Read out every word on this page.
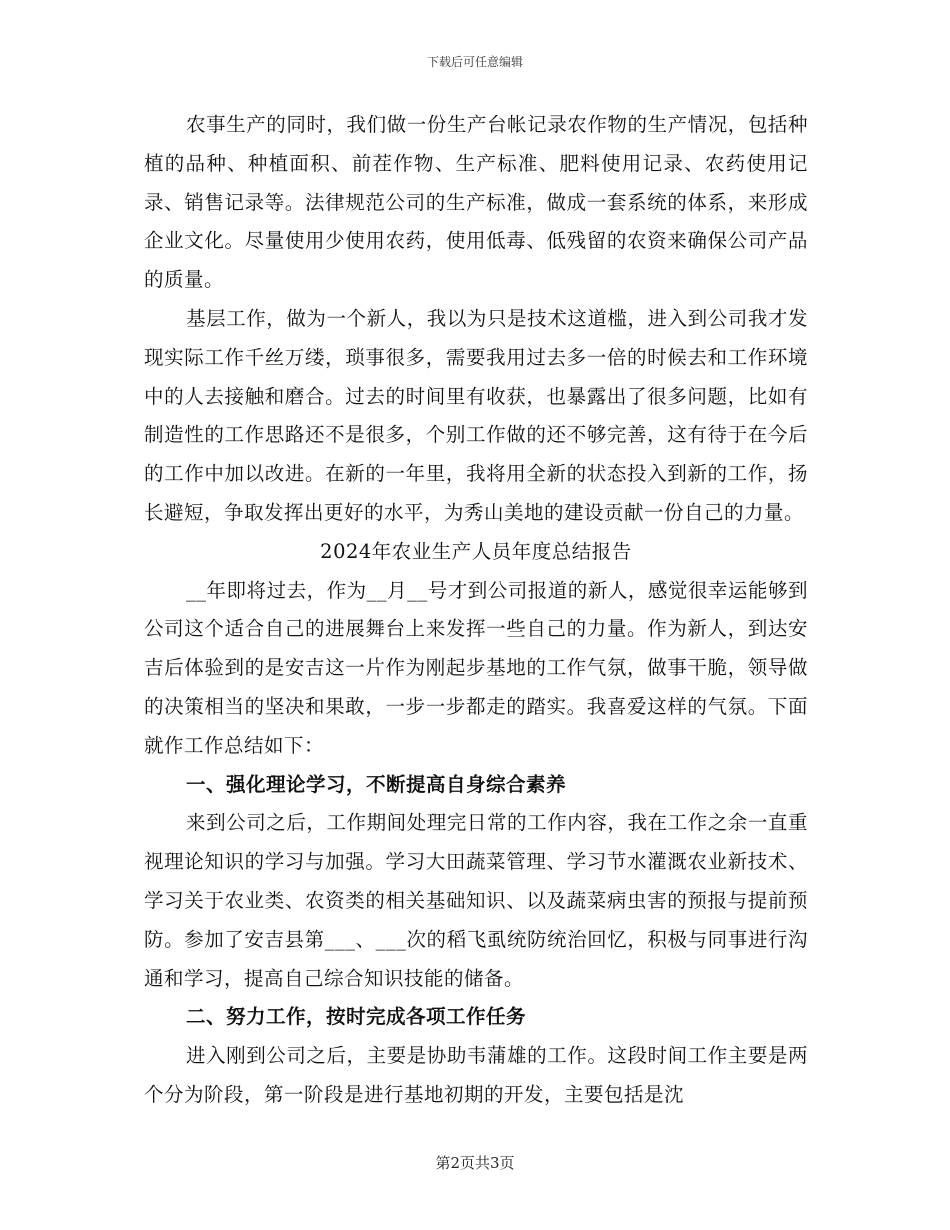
下载后可任意编辑

农事生产的同时，我们做一份生产台帐记录农作物的生产情况，包括种植的品种、种植面积、前茬作物、生产标准、肥料使用记录、农药使用记录、销售记录等。法律规范公司的生产标准，做成一套系统的体系，来形成企业文化。尽量使用少使用农药，使用低毒、低残留的农资来确保公司产品的质量。

基层工作，做为一个新人，我以为只是技术这道槛，进入到公司我才发现实际工作千丝万缕，琐事很多，需要我用过去多一倍的时候去和工作环境中的人去接触和磨合。过去的时间里有收获，也暴露出了很多问题，比如有制造性的工作思路还不是很多，个别工作做的还不够完善，这有待于在今后的工作中加以改进。在新的一年里，我将用全新的状态投入到新的工作，扬长避短，争取发挥出更好的水平，为秀山美地的建设贡献一份自己的力量。

2024年农业生产人员年度总结报告

__年即将过去，作为__月__号才到公司报道的新人，感觉很幸运能够到公司这个适合自己的进展舞台上来发挥一些自己的力量。作为新人，到达安吉后体验到的是安吉这一片作为刚起步基地的工作气氛，做事干脆，领导做的决策相当的坚决和果敢，一步一步都走的踏实。我喜爱这样的气氛。下面就作工作总结如下：

一、强化理论学习，不断提高自身综合素养

来到公司之后，工作期间处理完日常的工作内容，我在工作之余一直重视理论知识的学习与加强。学习大田蔬菜管理、学习节水灌溉农业新技术、学习关于农业类、农资类的相关基础知识、以及蔬菜病虫害的预报与提前预防。参加了安吉县第___、___次的稻飞虱统防统治回忆，积极与同事进行沟通和学习，提高自己综合知识技能的储备。

二、努力工作，按时完成各项工作任务

进入刚到公司之后，主要是协助韦蒲雄的工作。这段时间工作主要是两个分为阶段，第一阶段是进行基地初期的开发，主要包括是沈

第2页共3页
